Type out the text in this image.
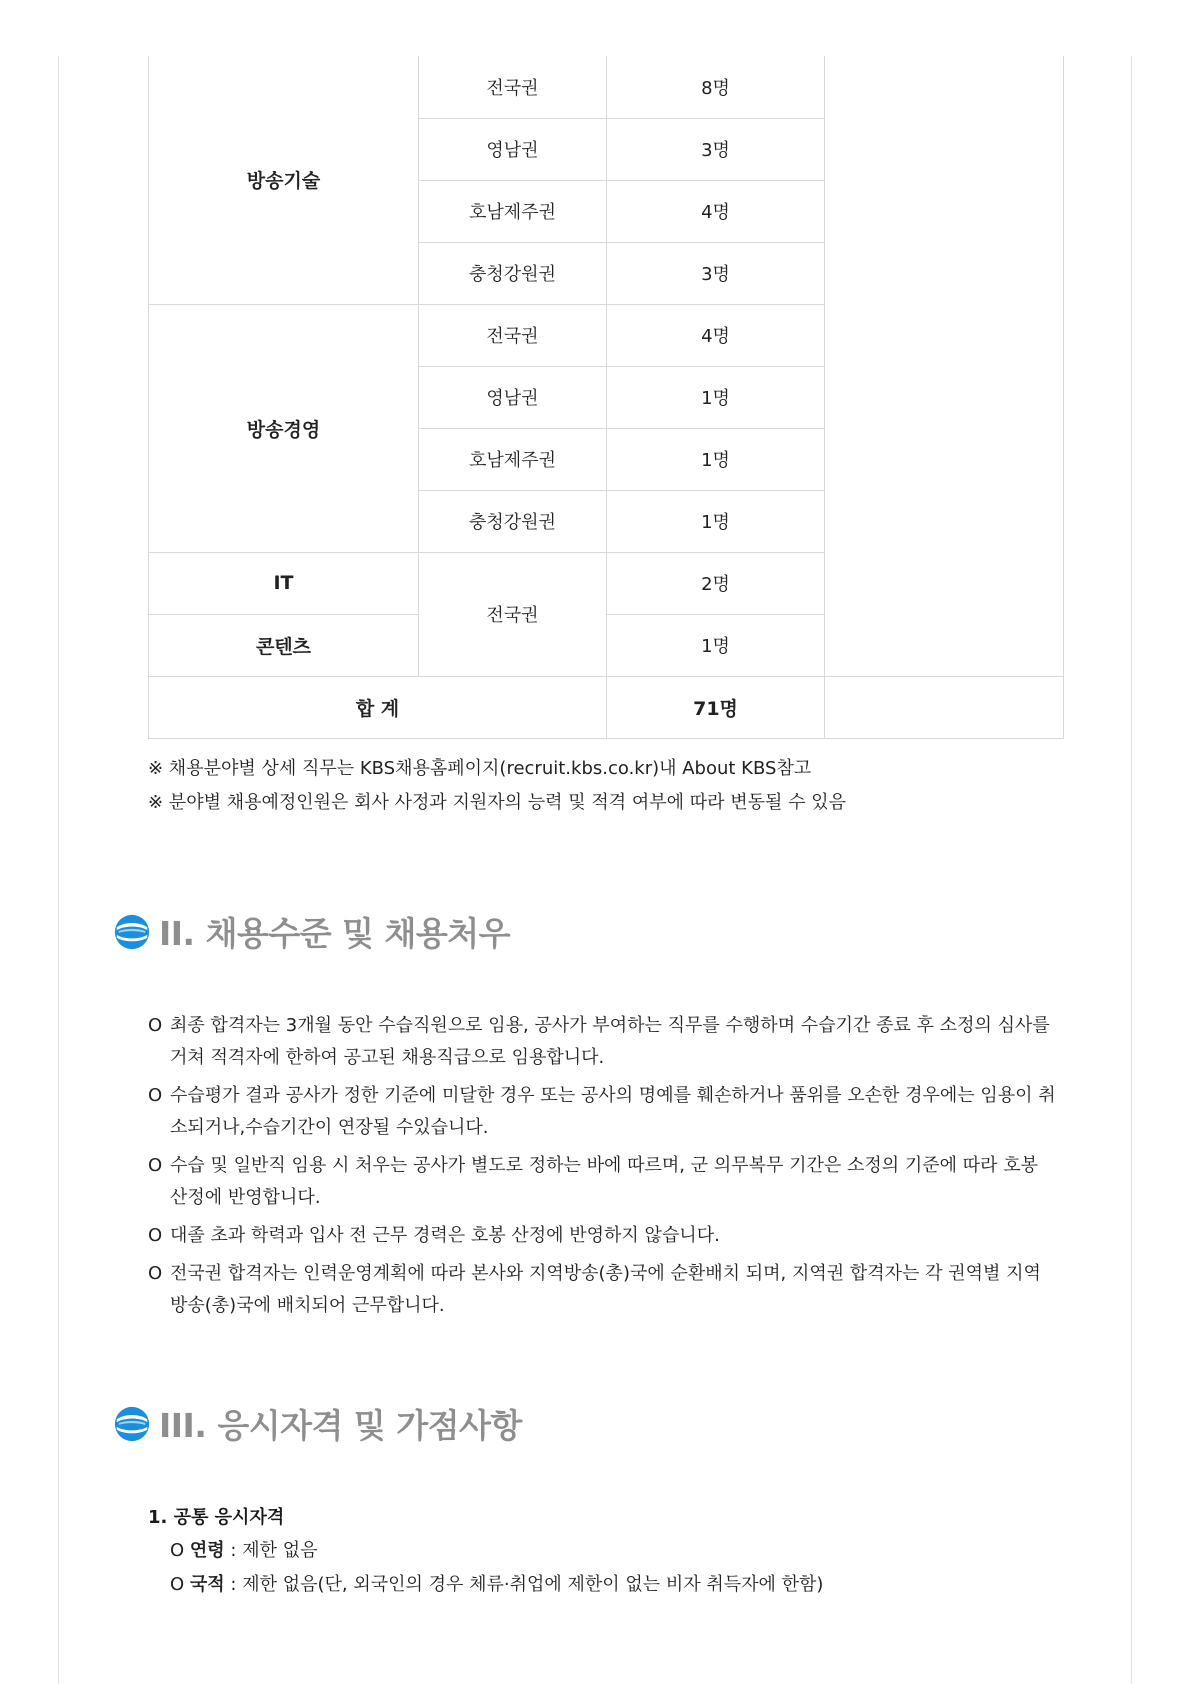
방송기술	전국권	8명	
	영남권	3명	
	호남제주권	4명	
	충청강원권	3명	
방송경영	전국권	4명	
	영남권	1명	
	호남제주권	1명	
	충청강원권	1명	
IT	전국권	2명	
콘텐츠		1명	
합 계		71명	

※ 채용분야별 상세 직무는 KBS채용홈페이지(recruit.kbs.co.kr)내 About KBS참고

※ 분야별 채용예정인원은 회사 사정과 지원자의 능력 및 적격 여부에 따라 변동될 수 있음

II. 채용수준 및 채용처우
O 최종 합격자는 3개월 동안 수습직원으로 임용, 공사가 부여하는 직무를 수행하며 수습기간 종료 후 소정의 심사를 거쳐 적격자에 한하여 공고된 채용직급으로 임용합니다.
O 수습평가 결과 공사가 정한 기준에 미달한 경우 또는 공사의 명예를 훼손하거나 품위를 오손한 경우에는 임용이 취소되거나,수습기간이 연장될 수있습니다.
O 수습 및 일반직 임용 시 처우는 공사가 별도로 정하는 바에 따르며, 군 의무복무 기간은 소정의 기준에 따라 호봉 산정에 반영합니다.
O 대졸 초과 학력과 입사 전 근무 경력은 호봉 산정에 반영하지 않습니다.
O 전국권 합격자는 인력운영계획에 따라 본사와 지역방송(총)국에 순환배치 되며, 지역권 합격자는 각 권역별 지역방송(총)국에 배치되어 근무합니다.
III. 응시자격 및 가점사항
1. 공통 응시자격
O 연령 : 제한 없음
O 국적 : 제한 없음(단, 외국인의 경우 체류·취업에 제한이 없는 비자 취득자에 한함)
